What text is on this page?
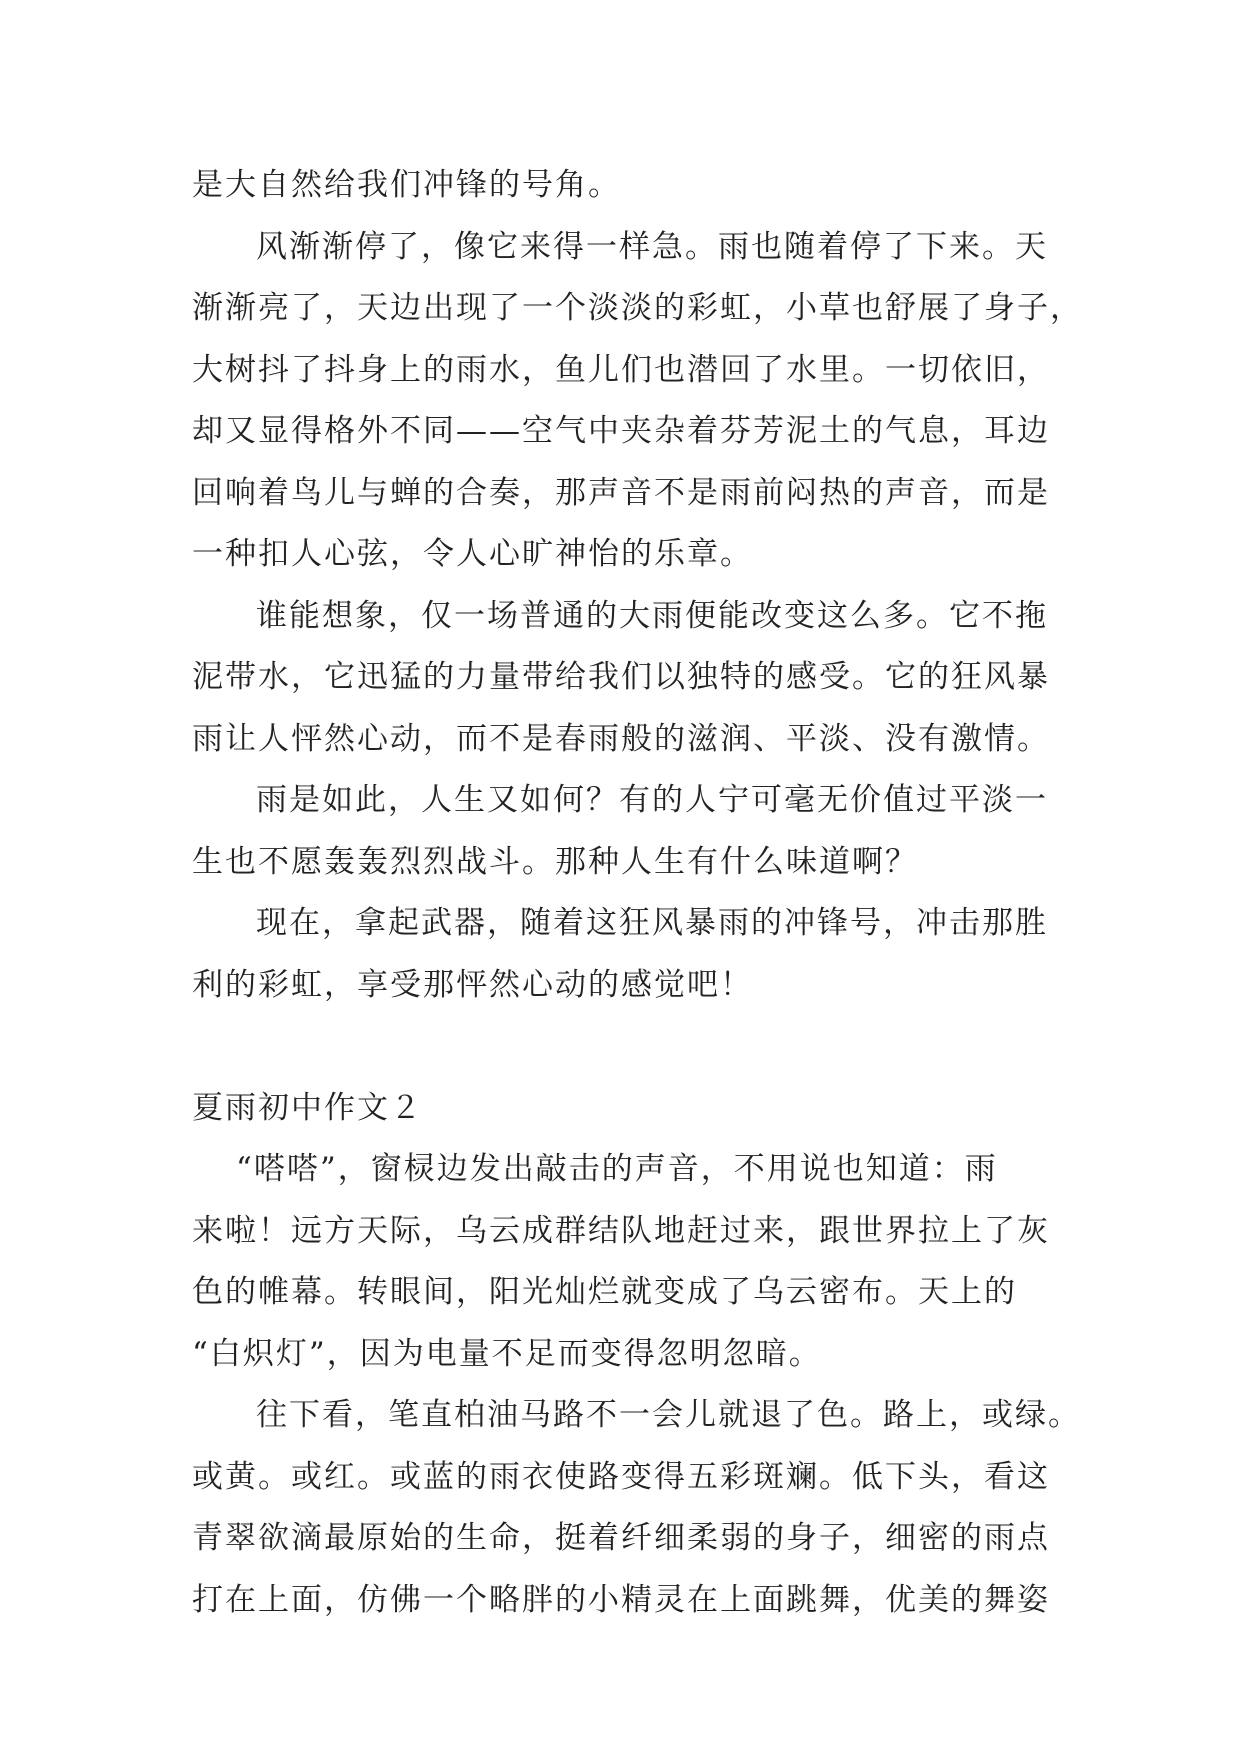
是大自然给我们冲锋的号角。
风渐渐停了，像它来得一样急。雨也随着停了下来。天
渐渐亮了，天边出现了一个淡淡的彩虹，小草也舒展了身子，
大树抖了抖身上的雨水，鱼儿们也潜回了水里。一切依旧，
却又显得格外不同——空气中夹杂着芬芳泥土的气息，耳边
回响着鸟儿与蝉的合奏，那声音不是雨前闷热的声音，而是
一种扣人心弦，令人心旷神怡的乐章。
谁能想象，仅一场普通的大雨便能改变这么多。它不拖
泥带水，它迅猛的力量带给我们以独特的感受。它的狂风暴
雨让人怦然心动，而不是春雨般的滋润、平淡、没有激情。
雨是如此，人生又如何？有的人宁可毫无价值过平淡一
生也不愿轰轰烈烈战斗。那种人生有什么味道啊？
现在，拿起武器，随着这狂风暴雨的冲锋号，冲击那胜
利的彩虹，享受那怦然心动的感觉吧！
夏雨初中作文２
“嗒嗒”，窗棂边发出敲击的声音，不用说也知道：雨
来啦！远方天际，乌云成群结队地赶过来，跟世界拉上了灰
色的帷幕。转眼间，阳光灿烂就变成了乌云密布。天上的
“白炽灯”，因为电量不足而变得忽明忽暗。
往下看，笔直柏油马路不一会儿就退了色。路上，或绿。
或黄。或红。或蓝的雨衣使路变得五彩斑斓。低下头，看这
青翠欲滴最原始的生命，挺着纤细柔弱的身子，细密的雨点
打在上面，仿佛一个略胖的小精灵在上面跳舞，优美的舞姿
